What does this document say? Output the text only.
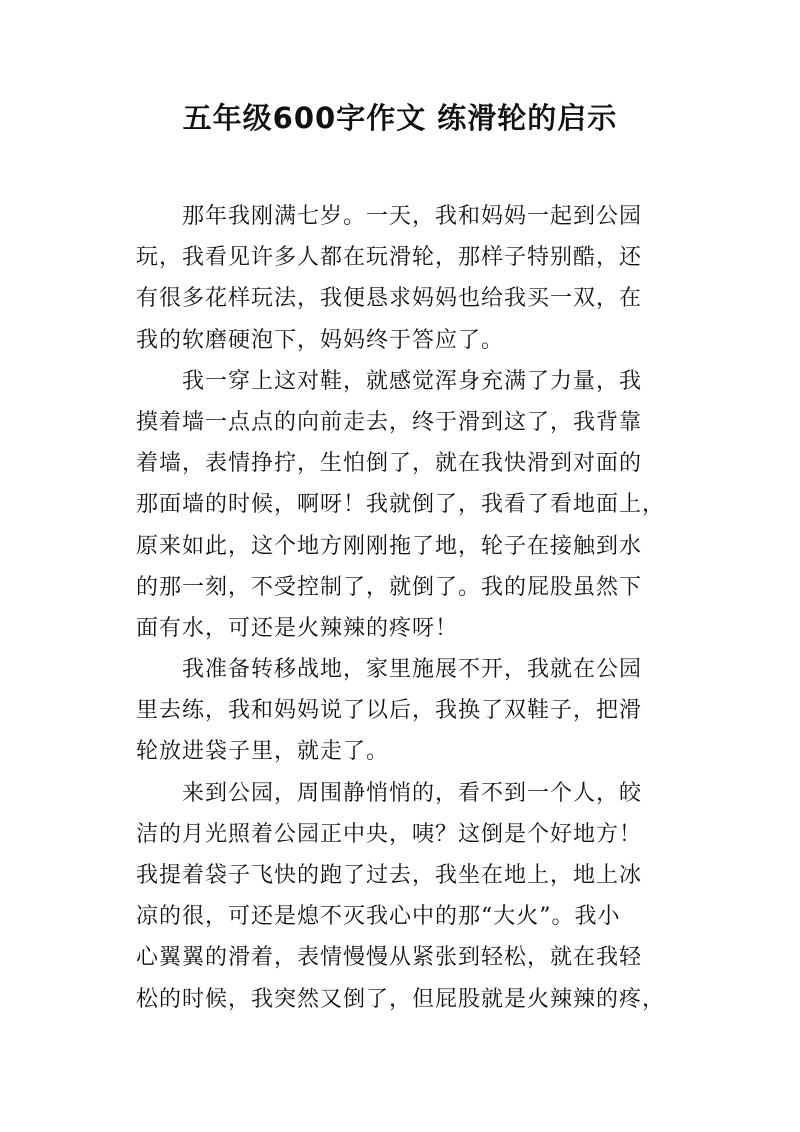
五年级600字作文 练滑轮的启示
那年我刚满七岁。一天，我和妈妈一起到公园
玩，我看见许多人都在玩滑轮，那样子特别酷，还
有很多花样玩法，我便恳求妈妈也给我买一双，在
我的软磨硬泡下，妈妈终于答应了。
我一穿上这对鞋，就感觉浑身充满了力量，我
摸着墙一点点的向前走去，终于滑到这了，我背靠
着墙，表情挣拧，生怕倒了，就在我快滑到对面的
那面墙的时候，啊呀！我就倒了，我看了看地面上，
原来如此，这个地方刚刚拖了地，轮子在接触到水
的那一刻，不受控制了，就倒了。我的屁股虽然下
面有水，可还是火辣辣的疼呀！
我准备转移战地，家里施展不开，我就在公园
里去练，我和妈妈说了以后，我换了双鞋子，把滑
轮放进袋子里，就走了。
来到公园，周围静悄悄的，看不到一个人，皎
洁的月光照着公园正中央，咦？这倒是个好地方！
我提着袋子飞快的跑了过去，我坐在地上，地上冰
凉的很，可还是熄不灭我心中的那“大火”。我小
心翼翼的滑着，表情慢慢从紧张到轻松，就在我轻
松的时候，我突然又倒了，但屁股就是火辣辣的疼，
